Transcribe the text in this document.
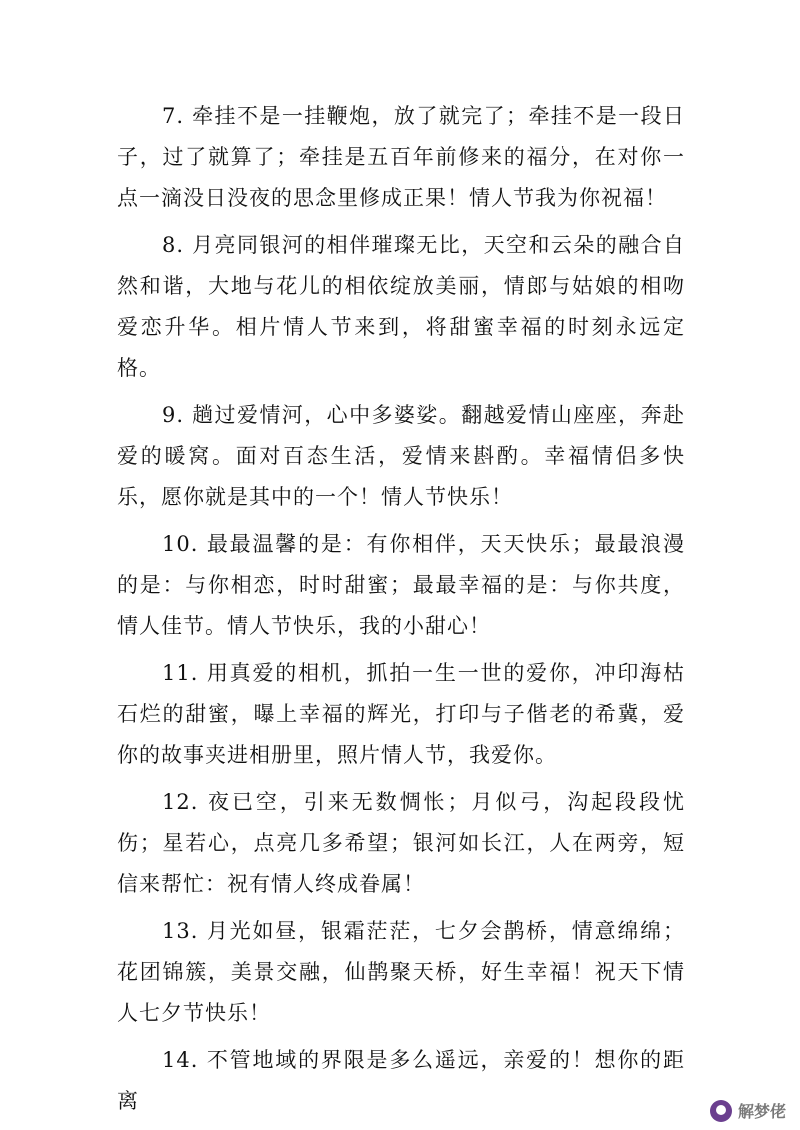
7. 牵挂不是一挂鞭炮，放了就完了；牵挂不是一段日子，过了就算了；牵挂是五百年前修来的福分，在对你一点一滴没日没夜的思念里修成正果！情人节我为你祝福！

8. 月亮同银河的相伴璀璨无比，天空和云朵的融合自然和谐，大地与花儿的相依绽放美丽，情郎与姑娘的相吻爱恋升华。相片情人节来到，将甜蜜幸福的时刻永远定格。

9. 趟过爱情河，心中多婆娑。翻越爱情山座座，奔赴爱的暖窝。面对百态生活，爱情来斟酌。幸福情侣多快乐，愿你就是其中的一个！情人节快乐！

10. 最最温馨的是：有你相伴，天天快乐；最最浪漫的是：与你相恋，时时甜蜜；最最幸福的是：与你共度，情人佳节。情人节快乐，我的小甜心！

11. 用真爱的相机，抓拍一生一世的爱你，冲印海枯石烂的甜蜜，曝上幸福的辉光，打印与子偕老的希冀，爱你的故事夹进相册里，照片情人节，我爱你。

12. 夜已空，引来无数惆怅；月似弓，沟起段段忧伤；星若心，点亮几多希望；银河如长江，人在两旁，短信来帮忙：祝有情人终成眷属！

13. 月光如昼，银霜茫茫，七夕会鹊桥，情意绵绵；花团锦簇，美景交融，仙鹊聚天桥，好生幸福！祝天下情人七夕节快乐！

14. 不管地域的界限是多么遥远，亲爱的！想你的距离	解梦佬
